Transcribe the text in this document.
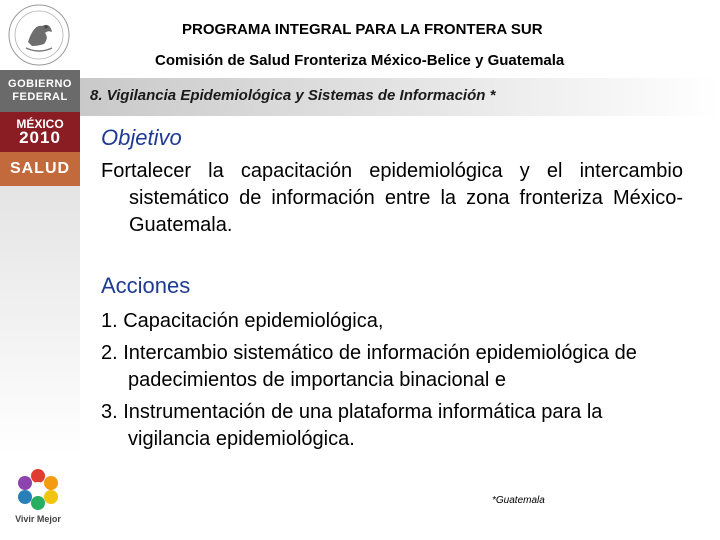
GOBIERNO
FEDERAL
MÉXICO
2010
SALUD
Vivir Mejor
PROGRAMA INTEGRAL PARA LA FRONTERA SUR
Comisión de Salud Fronteriza México-Belice y Guatemala
8. Vigilancia Epidemiológica y Sistemas de Información *
Objetivo
Fortalecer la capacitación epidemiológica y el intercambio sistemático de información entre la zona fronteriza México-Guatemala.
Acciones
1. Capacitación epidemiológica,
2. Intercambio sistemático de información epidemiológica de padecimientos de importancia binacional e
3. Instrumentación de una plataforma informática para la vigilancia epidemiológica.
*Guatemala
